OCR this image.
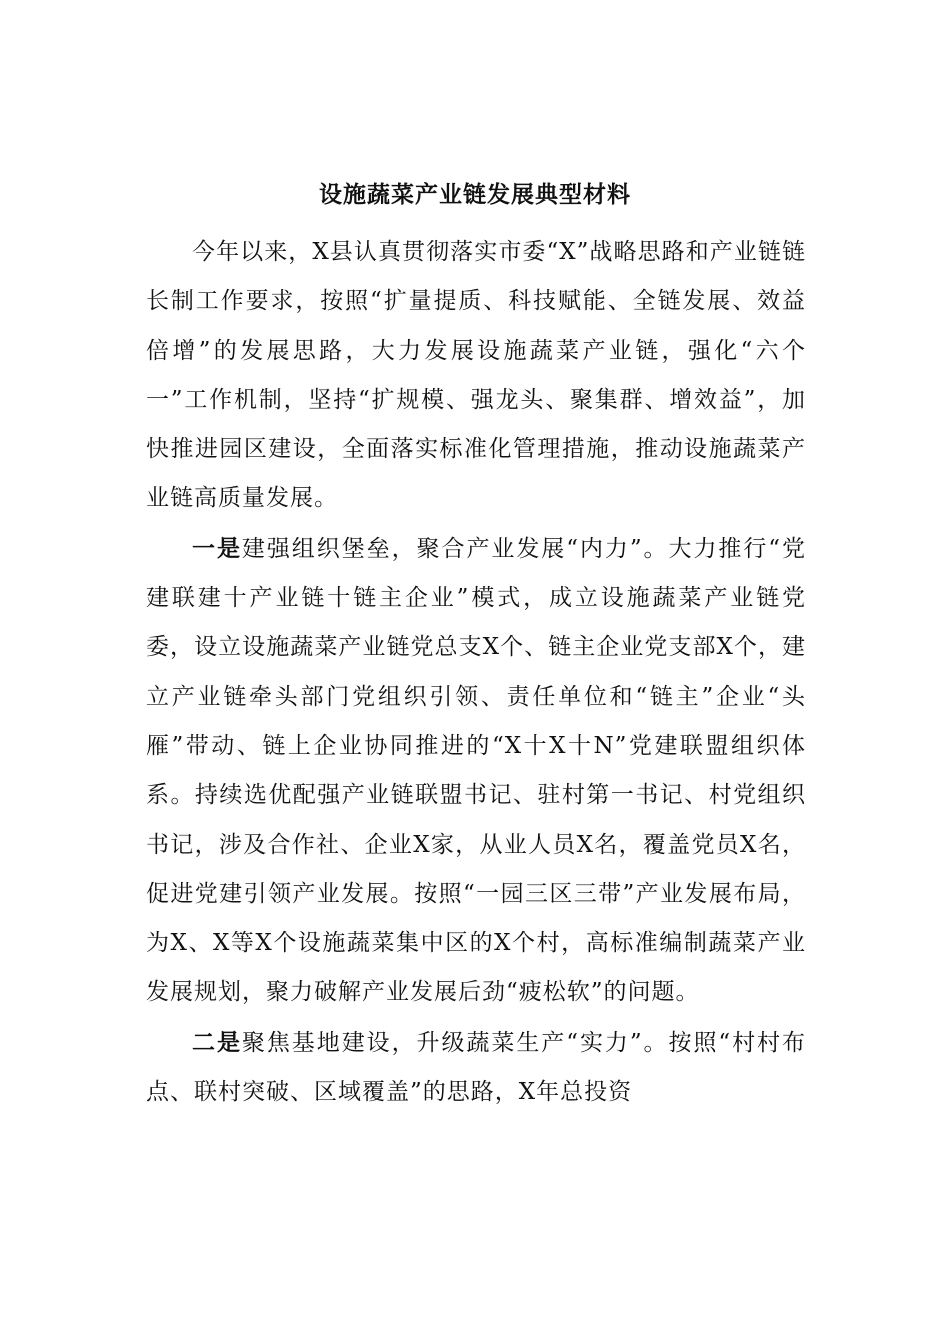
设施蔬菜产业链发展典型材料

今年以来，X县认真贯彻落实市委“X”战略思路和产业链链长制工作要求，按照“扩量提质、科技赋能、全链发展、效益倍增”的发展思路，大力发展设施蔬菜产业链，强化“六个一”工作机制，坚持“扩规模、强龙头、聚集群、增效益”，加快推进园区建设，全面落实标准化管理措施，推动设施蔬菜产业链高质量发展。

一是建强组织堡垒，聚合产业发展“内力”。大力推行“党建联建十产业链十链主企业”模式，成立设施蔬菜产业链党委，设立设施蔬菜产业链党总支X个、链主企业党支部X个，建立产业链牵头部门党组织引领、责任单位和“链主”企业“头雁”带动、链上企业协同推进的“X十X十N”党建联盟组织体系。持续选优配强产业链联盟书记、驻村第一书记、村党组织书记，涉及合作社、企业X家，从业人员X名，覆盖党员X名，促进党建引领产业发展。按照“一园三区三带”产业发展布局，为X、X等X个设施蔬菜集中区的X个村，高标准编制蔬菜产业发展规划，聚力破解产业发展后劲“疲松软”的问题。

二是聚焦基地建设，升级蔬菜生产“实力”。按照“村村布点、联村突破、区域覆盖”的思路，X年总投资
